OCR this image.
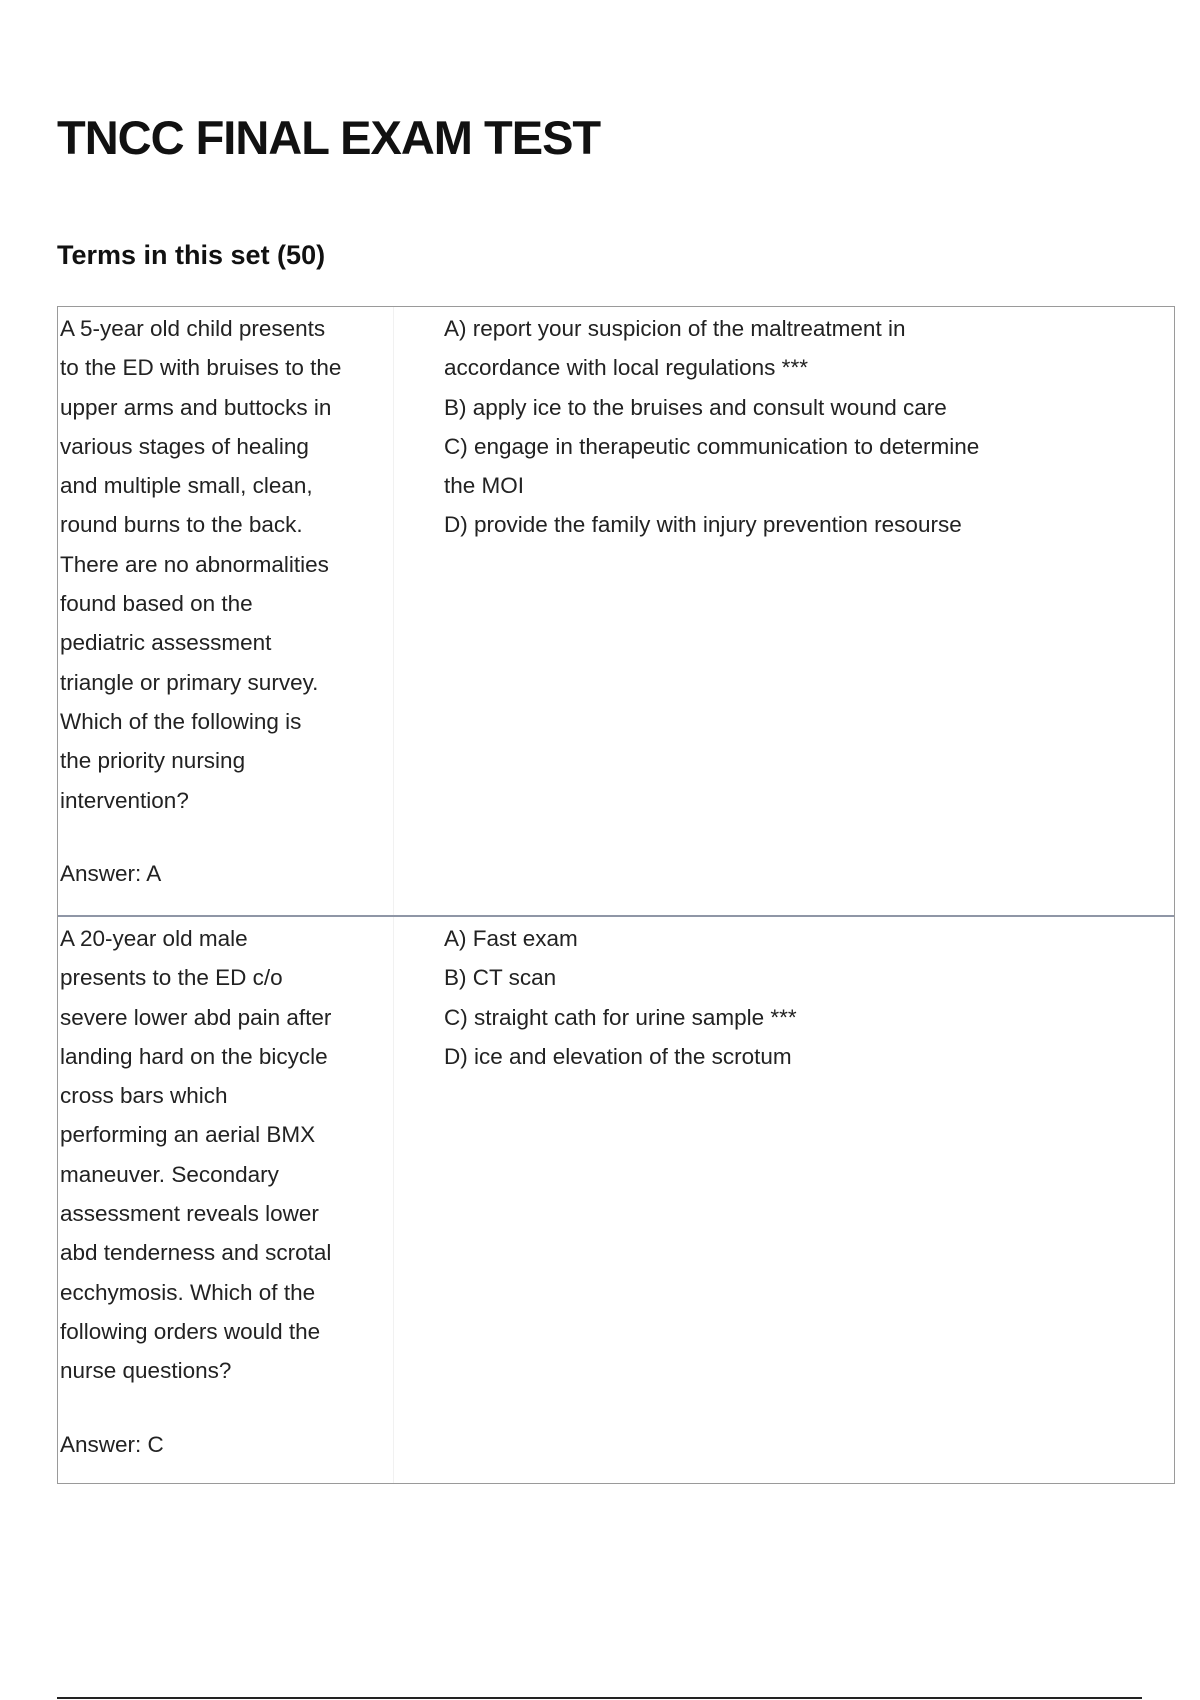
TNCC FINAL EXAM TEST
Terms in this set (50)

A 5-year old child presents
to the ED with bruises to the
upper arms and buttocks in
various stages of healing
and multiple small, clean,
round burns to the back.
There are no abnormalities
found based on the
pediatric assessment
triangle or primary survey.
Which of the following is
the priority nursing
intervention?

Answer: A

A) report your suspicion of the maltreatment in
accordance with local regulations ***
B) apply ice to the bruises and consult wound care
C) engage in therapeutic communication to determine
the MOI
D) provide the family with injury prevention resourse

A 20-year old male
presents to the ED c/o
severe lower abd pain after
landing hard on the bicycle
cross bars which
performing an aerial BMX
maneuver. Secondary
assessment reveals lower
abd tenderness and scrotal
ecchymosis. Which of the
following orders would the
nurse questions?

Answer: C

A) Fast exam
B) CT scan
C) straight cath for urine sample ***
D) ice and elevation of the scrotum
